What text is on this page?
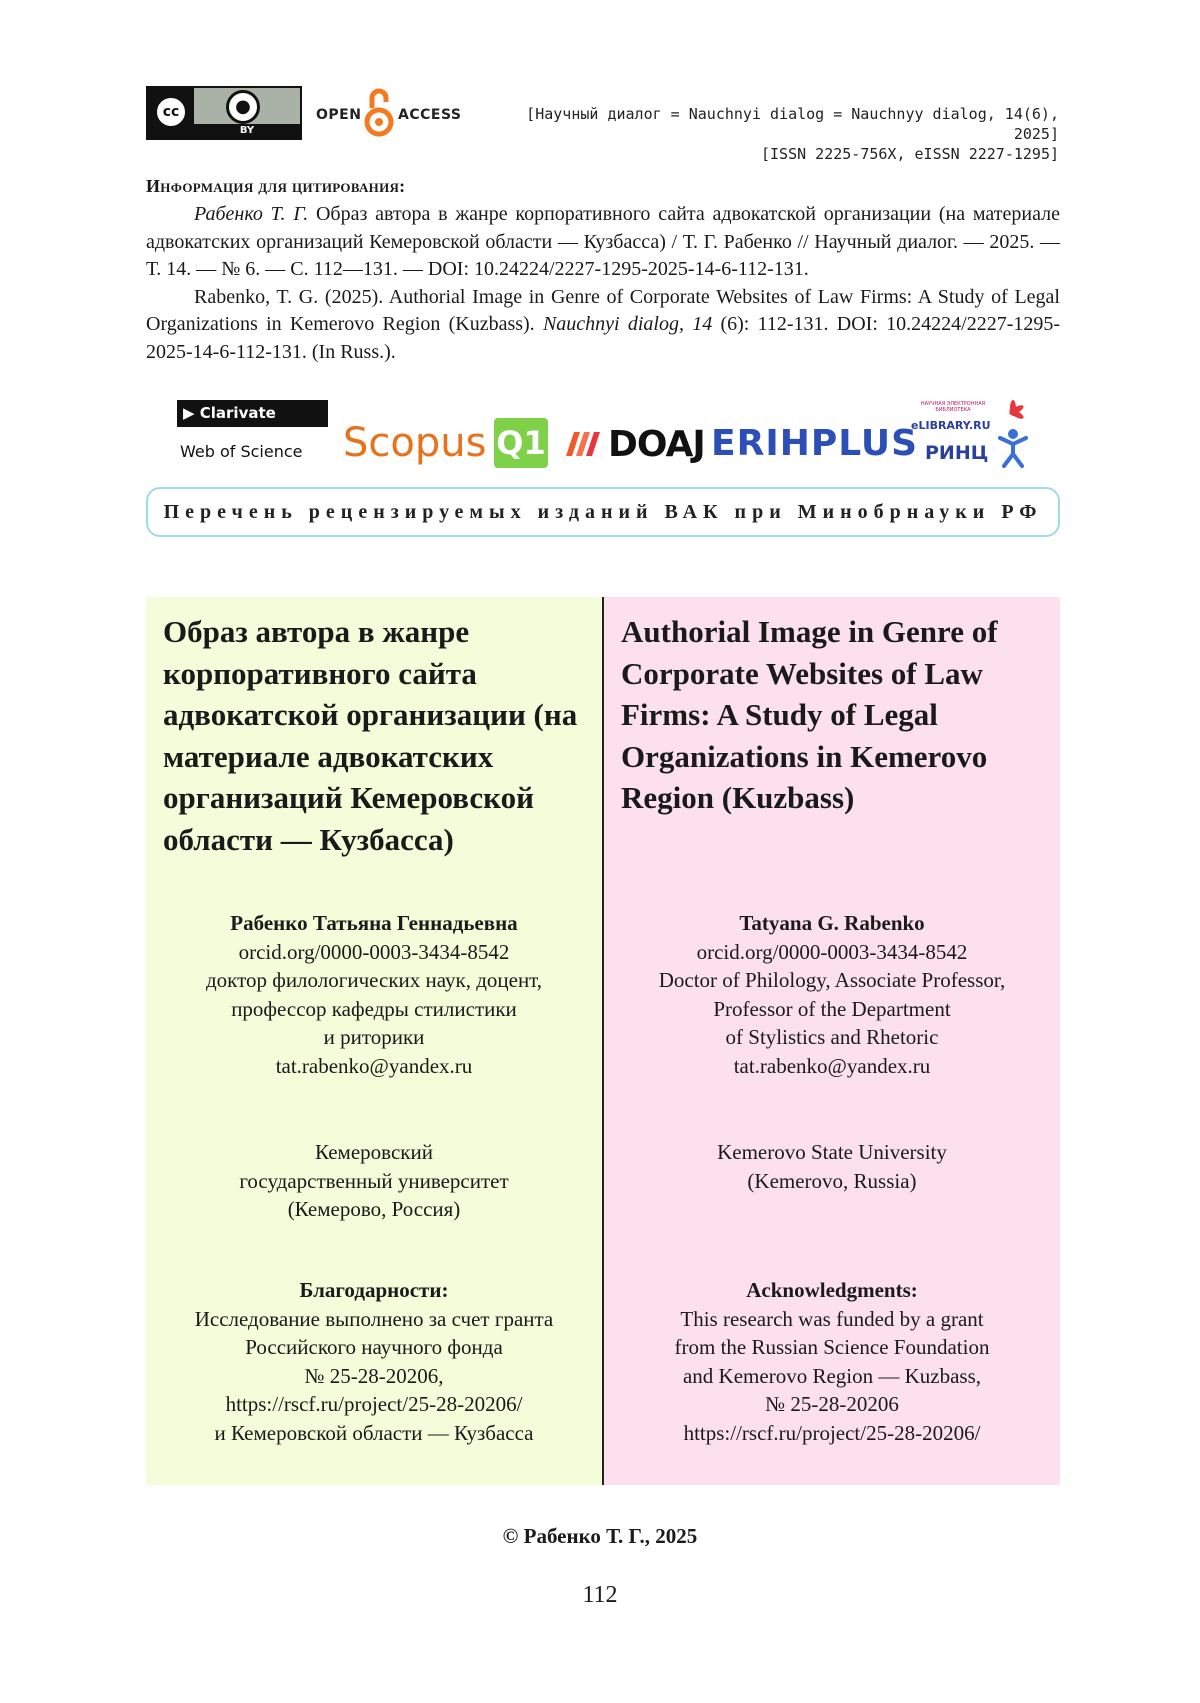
cc	●
BY
OPEN	ACCESS	[Научный диалог = Nauchnyi dialog = Nauchnyy dialog, 14(6), 2025]
[ISSN 2225-756X, eISSN 2227-1295]
Информация для цитирования:

Рабенко Т. Г. Образ автора в жанре корпоративного сайта адвокатской организации (на материале адвокатских организаций Кемеровской области — Кузбасса) / Т. Г. Рабенко // Научный диалог. — 2025. — Т. 14. — № 6. — С. 112—131. — DOI: 10.24224/2227-1295-2025-14-6-112-131.

Rabenko, T. G. (2025). Authorial Image in Genre of Corporate Websites of Law Firms: A Study of Legal Organizations in Kemerovo Region (Kuzbass). Nauchnyi dialog, 14 (6): 112-131. DOI: 10.24224/2227-1295-2025-14-6-112-131. (In Russ.).

▶ Clarivate
Web of Science Scopus Q1 DOAJ ERIHPLUS
НАУЧНАЯ ЭЛЕКТРОННАЯ БИБЛИОТЕКА
eLIBRARY.RU
РИНЦ
Перечень рецензируемых изданий ВАК при Минобрнауки РФ
Образ автора в жанре корпоративного сайта адвокатской организации (на материале адвокатских организаций Кемеровской области — Кузбасса)
Рабенко Татьяна Геннадьевна
orcid.org/0000-0003-3434-8542
доктор филологических наук, доцент,
профессор кафедры стилистики
и риторики
tat.rabenko@yandex.ru
Кемеровский
государственный университет
(Кемерово, Россия)
Благодарности:
Исследование выполнено за счет гранта
Российского научного фонда
№ 25-28-20206,
https://rscf.ru/project/25-28-20206/
и Кемеровской области — Кузбасса
Authorial Image in Genre of Corporate Websites of Law Firms: A Study of Legal Organizations in Kemerovo Region (Kuzbass)
Tatyana G. Rabenko
orcid.org/0000-0003-3434-8542
Doctor of Philology, Associate Professor,
Professor of the Department
of Stylistics and Rhetoric
tat.rabenko@yandex.ru
Kemerovo State University
(Kemerovo, Russia)
Acknowledgments:
This research was funded by a grant
from the Russian Science Foundation
and Kemerovo Region — Kuzbass,
№ 25-28-20206
https://rscf.ru/project/25-28-20206/
© Рабенко Т. Г., 2025
112
